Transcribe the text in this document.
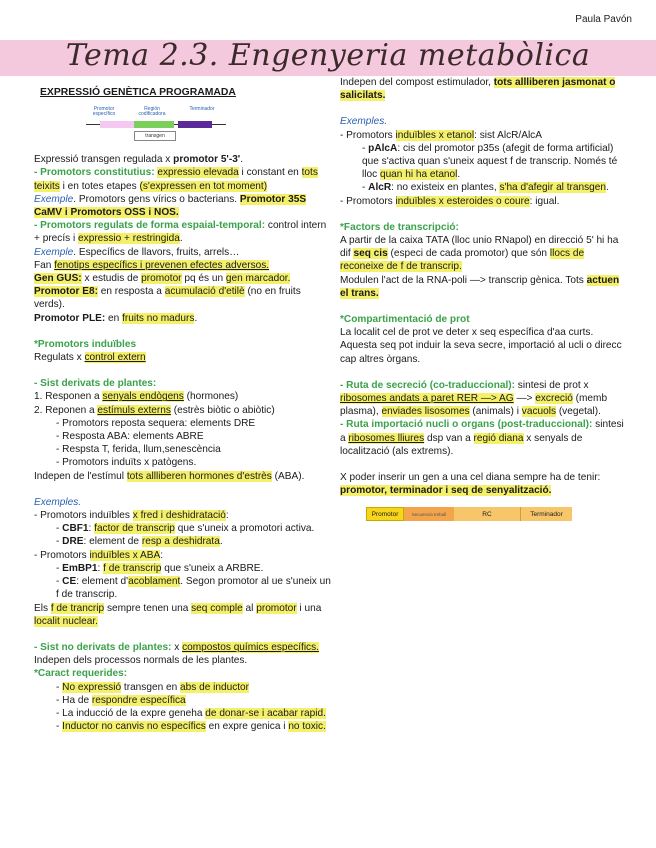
Paula Pavón
Tema 2.3. Engenyeria metabòlica

EXPRESSIÓ GENÈTICA PROGRAMADA

Promotor específico
Región codificadora
Terminador
transgen

Expressió transgen regulada x promotor 5'-3'.

- Promotors constitutius: expressio elevada i constant en tots teixits i en totes etapes (s'expressen en tot moment)

Exemple. Promotors gens vírics o bacterians. Promotor 35S CaMV i Promotors OSS i NOS.

- Promotors regulats de forma espaial-temporal: control intern + precís i expressio + restringida.

Exemple. Específics de llavors, fruits, arrels…

Fan fenotips específics i prevenen efectes adversos.

Gen GUS: x estudis de promotor pq és un gen marcador.

Promotor E8: en resposta a acumulació d'etilè (no en fruits verds).

Promotor PLE: en fruits no madurs.

*Promotors induïbles

Regulats x control extern

- Sist derivats de plantes:

1. Responen a senyals endògens (hormones)

2. Reponen a estímuls externs (estrès biòtic o abiòtic)

- Promotors reposta sequera: elements DRE

- Resposta ABA: elements ABRE

- Respsta T, ferida, llum,senescència

- Promotors induïts x patògens.

Indepen de l'estímul tots allliberen hormones d'estrès (ABA).

Exemples.

- Promotors induïbles x fred i deshidratació:

- CBF1: factor de transcrip que s'uneix a promotori activa.

- DRE: element de resp a deshidrata.

- Promotors induïbles x ABA:

- EmBP1: f de transcrip que s'uneix a ARBRE.

- CE: element d'acoblament. Segon promotor al ue s'uneix un f de transcrip.

Els f de trancrip sempre tenen una seq comple al promotor i una localit nuclear.

- Sist no derivats de plantes: x compostos químics específics. Indepen dels processos normals de les plantes.

*Caract requerides:

- No expressió transgen en abs de inductor

- Ha de respondre específica

- La inducció de la expre geneha de donar-se i acabar rapid.

- Inductor no canvis no específics en expre genica i no toxic.

Indepen del compost estimulador, tots allliberen jasmonat o salicilats.

Exemples.

- Promotors induïbles x etanol: sist AlcR/AlcA

- pAlcA: cis del promotor p35s (afegit de forma artificial) que s'activa quan s'uneix aquest f de transcrip. Només té lloc quan hi ha etanol.

- AlcR: no existeix en plantes, s'ha d'afegir al transgen.

- Promotors induïbles x esteroides o coure: igual.

*Factors de transcripció:

A partir de la caixa TATA (lloc unio RNapol) en direcció 5' hi ha dif seq cis (especi de cada promotor) que són llocs de reconeixe de f de transcrip.

Modulen l'act de la RNA-poli —> transcrip gènica. Tots actuen el trans.

*Compartimentació de prot

La localit cel de prot ve deter x seq específica d'aa curts. Aquesta seq pot induir la seva secre, importació al ucli o direcc cap altres òrgans.

- Ruta de secreció (co-traduccional): sintesi de prot x ribosomes andats a paret RER —> AG —> excreció (memb plasma), enviades lisosomes (animals) i vacuols (vegetal).

- Ruta importació nucli o organs (post-traduccional): sintesi a ribosomes lliures dsp van a regió diana x senyals de localització (als extrems).

X poder inserir un gen a una cel diana sempre ha de tenir: promotor, terminador i seq de senyalització.

Promotor	Secuencia treball	RC	Terminador
